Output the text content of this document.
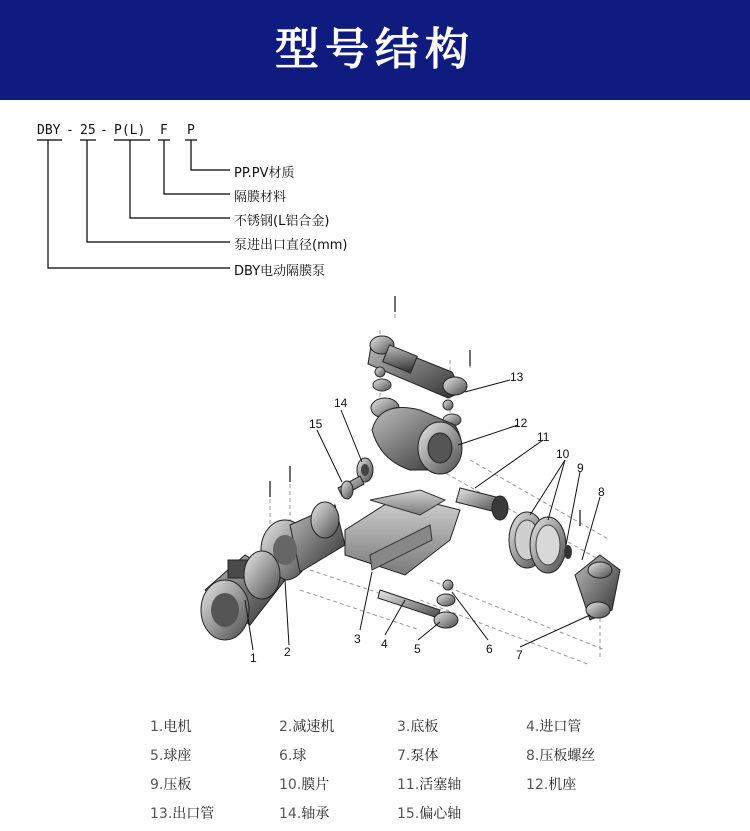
型号结构
DBY - 25 - P(L) F P
PP.PV材质
隔膜材料
不锈钢(L铝合金)
泵进出口直径(mm)
DBY电动隔膜泵
1 2
3 4 5	6 7
8
9
10
11
12
13
14
15
1.电机	2.减速机	3.底板	4.进口管
5.球座	6.球	7.泵体	8.压板螺丝
9.压板	10.膜片	11.活塞轴	12.机座
13.出口管	14.轴承	15.偏心轴
